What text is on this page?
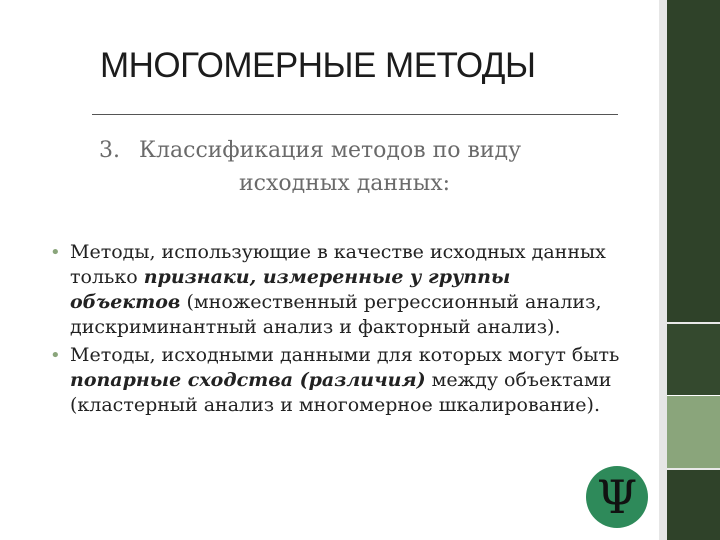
МНОГОМЕРНЫЕ МЕТОДЫ
3. Классификация методов по виду
исходных данных:
• Методы, использующие в качестве исходных данных только признаки, измеренные у группы объектов (множественный регрессионный анализ, дискриминантный анализ и факторный анализ).
• Методы, исходными данными для которых могут быть попарные сходства (различия) между объектами (кластерный анализ и многомерное шкалирование).
Ψ
